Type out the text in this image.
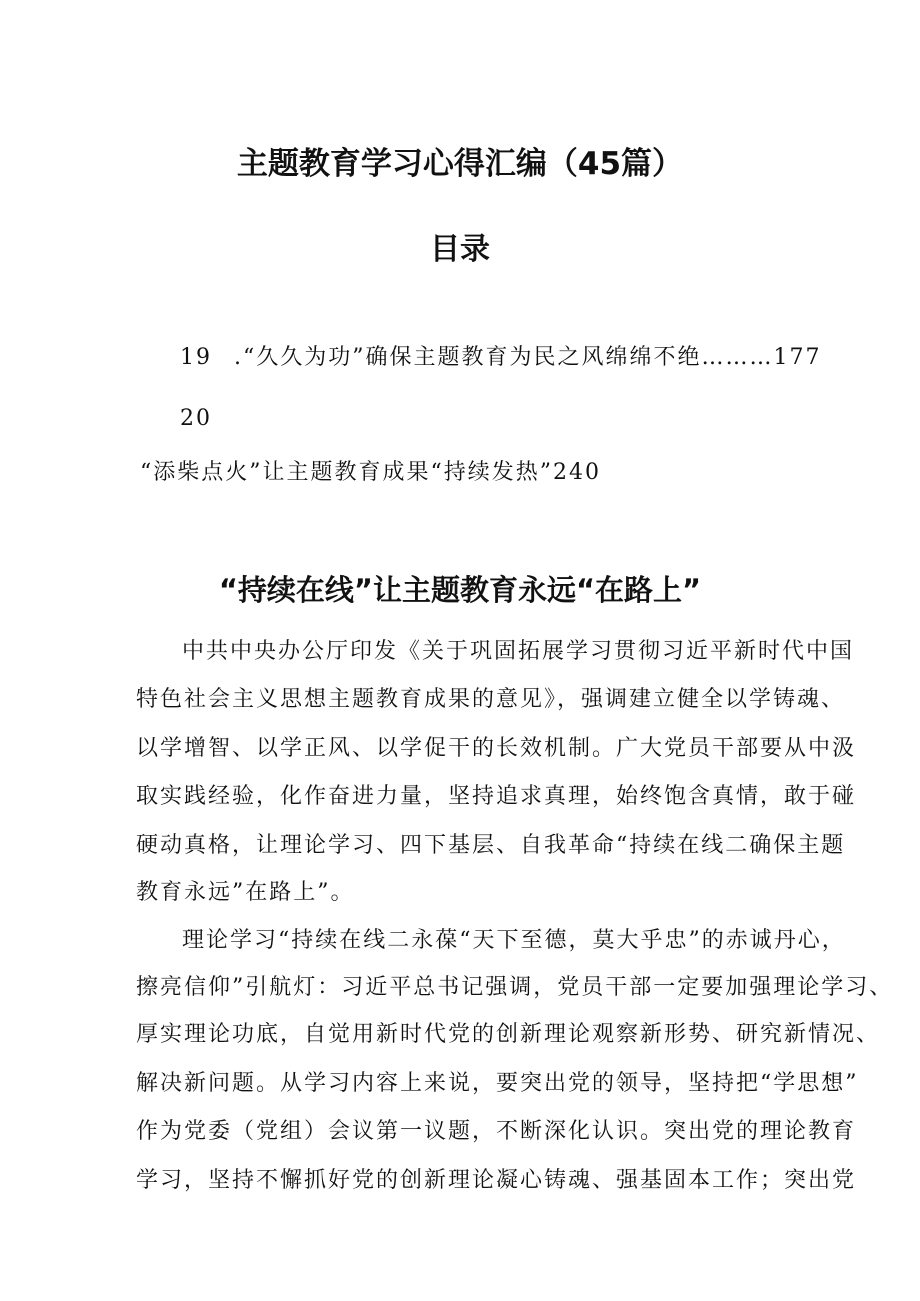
主题教育学习心得汇编（45篇）
目录
19 .“久久为功”确保主题教育为民之风绵绵不绝………177
20
“添柴点火”让主题教育成果“持续发热”240
“持续在线”让主题教育永远“在路上”
中共中央办公厅印发《关于巩固拓展学习贯彻习近平新时代中国
特色社会主义思想主题教育成果的意见》，强调建立健全以学铸魂、
以学增智、以学正风、以学促干的长效机制。广大党员干部要从中汲
取实践经验，化作奋进力量，坚持追求真理，始终饱含真情，敢于碰
硬动真格，让理论学习、四下基层、自我革命“持续在线二确保主题
教育永远”在路上”。
理论学习“持续在线二永葆“天下至德，莫大乎忠”的赤诚丹心，
擦亮信仰”引航灯：习近平总书记强调，党员干部一定要加强理论学习、
厚实理论功底，自觉用新时代党的创新理论观察新形势、研究新情况、
解决新问题。从学习内容上来说，要突出党的领导，坚持把“学思想”
作为党委（党组）会议第一议题，不断深化认识。突出党的理论教育
学习，坚持不懈抓好党的创新理论凝心铸魂、强基固本工作；突出党
